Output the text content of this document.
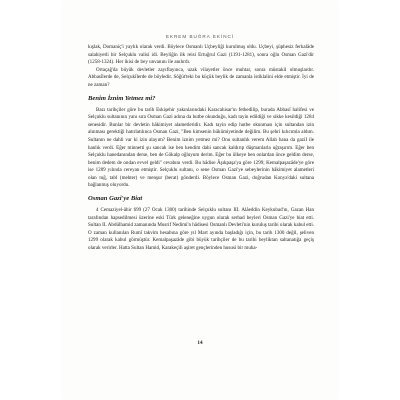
EKREM BUĞRA EKİNCİ

kışlak, Domaniç'i yaylık olarak verdi. Böylece Osmanlı Uçbeyliği kurulmuş oldu. Uçbeyi, şüphesiz ferkalâde salahiyetli bir Selçuklu valisi idi. Beyliğin ilk reisi Ertuğrul Gazi (1191-1281), sonra oğlu Osman Gazi'dir (1258-1324). Her ikisi de bey unvanını ile anılırdı.

Ortaçağ'da büyük devletler zayıflayınca, uzak vilayetler önce muhtar, sonra müstakil olmuşlardır. Abbasîlerde de, Selçukîlerde de böyledir. Söğüt'teki bu küçük beylik de zamanla istiklalini elde etmiştir. İyi de ne zaman?

Benim İznim Yetmez mi?

Bazı tarihçiler göre bu tarih Eskişehir yakınlarındaki Karacahisar'ın fethedilip, burada Abbasî halifesi ve Selçuklu sultanının yanı sıra Osman Gazi adına da hutbe okunduğu, kadı tayin edildiği ve sikke kesildiği 1284 senesidir. Bunlar bir devletin hâkimiyet alametleridir. Kadı tayin edip hutbe okunması için sultandan izin alınması gerektiği hatırlatılınca Osman Gazi, "Ben kimsenin hükümiyetinde değilim. Bu şehri kılıcımla aldım. Sultanın ne dahli var ki izin alayım? Benim iznim yetmez mi? Onu sultanlık verem Allah bana da gaziI ile hanlık verdi. Eğer minnetti şu sancak ise ben kendim dahi sancak kaldırıp düşmanlarla uğraşırım. Eğer ben Selçuklu hanedanından derse, ben de Gökalp oğluyum derim. Eğer bu ülkeye ben onlardan önce geldim derse, benim dedem de ondan evvel geldi" cevabını verdi. Bu hâdise Âşıkpaşa'ya göre 1299; Kemalpaşazâde'ye göre ise 1289 yılında cereyan etmiştir. Selçuklu sultanı, o sene Osman Gazi'ye sebeylerinin hâkimiyet alametleri olan tuğ, tabl (mehter) ve menşur (berat) gönderdi. Böylece Osman Gazi, doğrudan Konya'daki sultana bağlanmış oluyordu.

Osman Gazi'ye Biat

4 Cemaziyel-âhir 699 (27 Ocak 1300) tarihinde Selçuklu sultanı III. Alâeddin Keykubad'ın, Gazan Han tarafından hapsedilmesi üzerine eski Türk geleneğine uygun olarak serhad beyleri Osman Gazi'ye biat etti. Sultan II. Abdülhamid zamanında Musrif Nedimi'n hâdisesi Osmanlı Devleti'nin kuruluş tarihi olarak kabul etti. O zaman kullanılan Rumî takvim hesabına göre yıl Mart ayında başladığı için, bu tarih 1300 değil, şeliven 1299 olarak kabul görmüştür. Kemalpaşazâde gibi büyük tarihçiler de bu tarihi beyliktan saltanatığa geçiş olarak verirler. Hatta Sultan Hamid, Karakeçili aşiret gençlerinden hususi bir muha-

14
